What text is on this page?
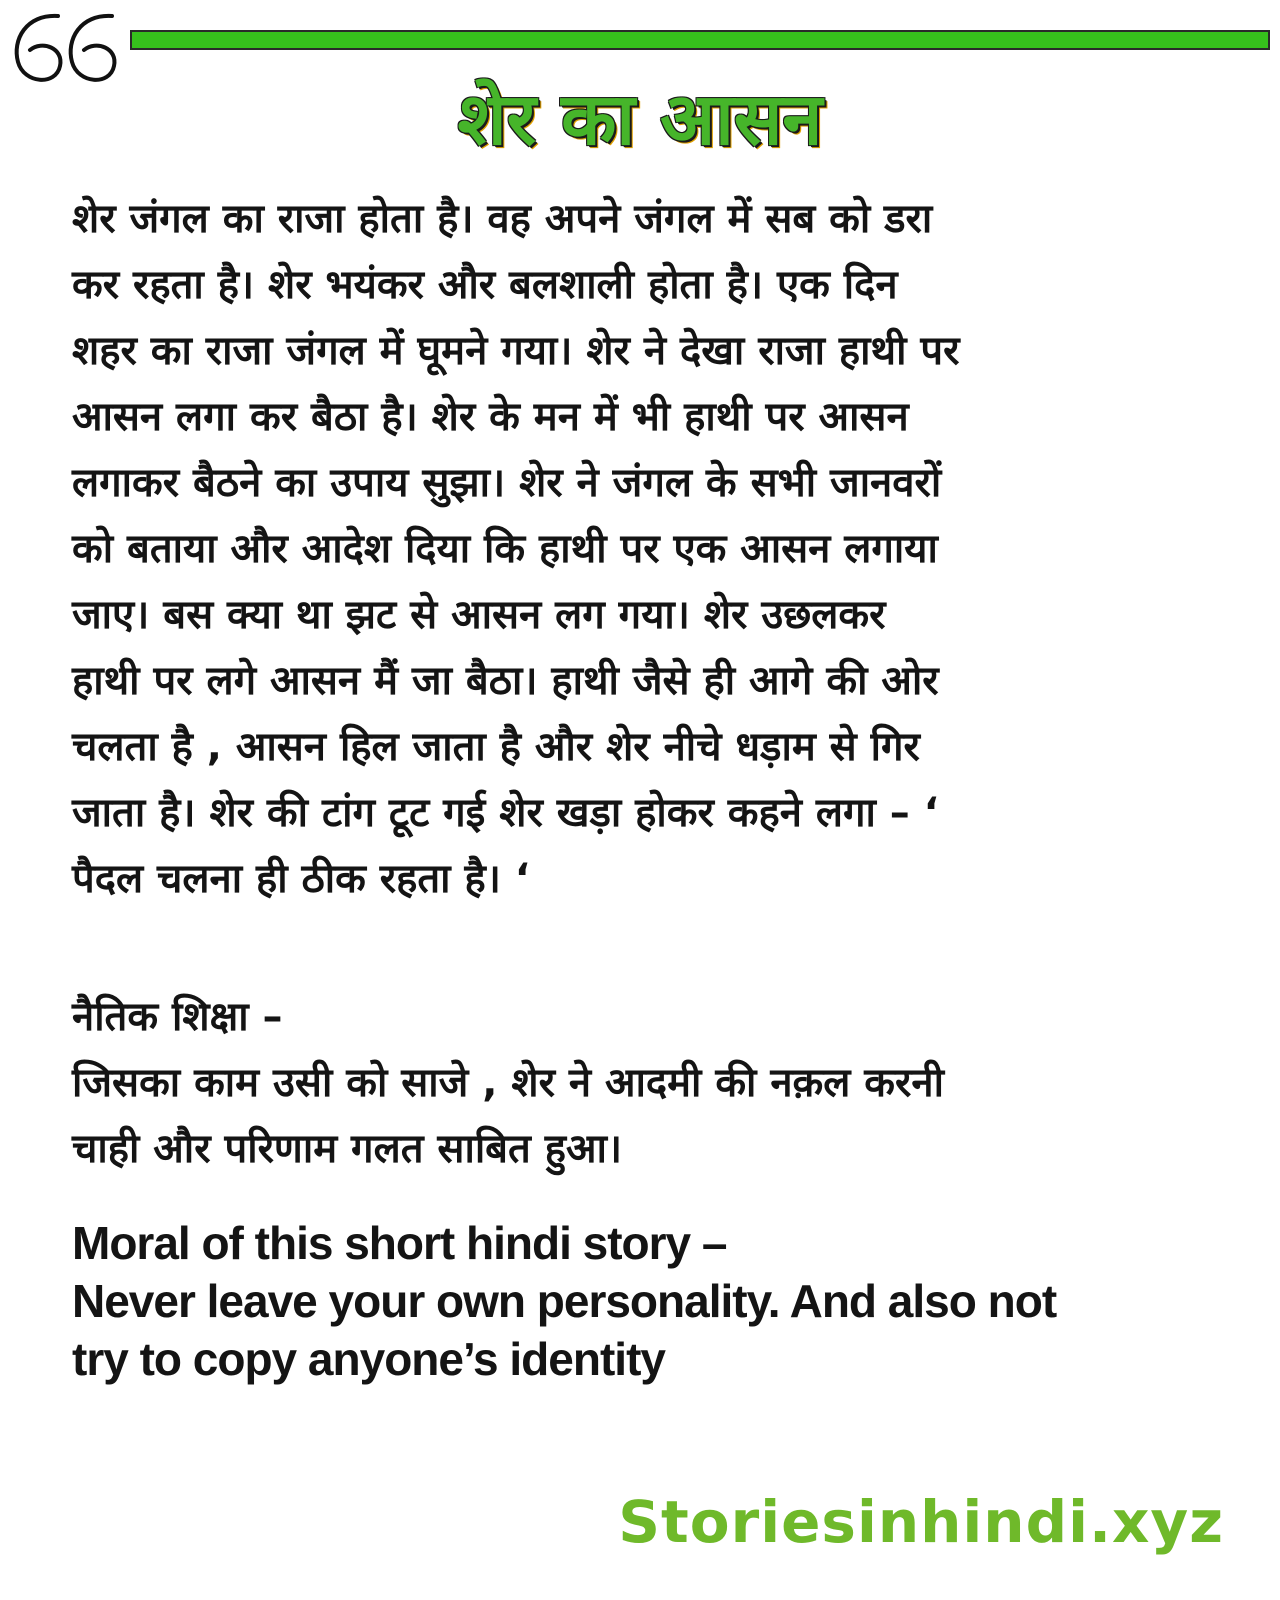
शेर का आसन
शेर जंगल का राजा होता है। वह अपने जंगल में सब को डरा
कर रहता है। शेर भयंकर और बलशाली होता है। एक दिन
शहर का राजा जंगल में घूमने गया। शेर ने देखा राजा हाथी पर
आसन लगा कर बैठा है। शेर के मन में भी हाथी पर आसन
लगाकर बैठने का उपाय सुझा। शेर ने जंगल के सभी जानवरों
को बताया और आदेश दिया कि हाथी पर एक आसन लगाया
जाए। बस क्या था झट से आसन लग गया। शेर उछलकर
हाथी पर लगे आसन मैं जा बैठा। हाथी जैसे ही आगे की ओर
चलता है , आसन हिल जाता है और शेर नीचे धड़ाम से गिर
जाता है। शेर की टांग टूट गई शेर खड़ा होकर कहने लगा – ‘
पैदल चलना ही ठीक रहता है। ‘
नैतिक शिक्षा –
जिसका काम उसी को साजे , शेर ने आदमी की नक़ल करनी
चाही और परिणाम गलत साबित हुआ।
Moral of this short hindi story –
Never leave your own personality. And also not
try to copy anyone’s identity
Storiesinhindi.xyz
